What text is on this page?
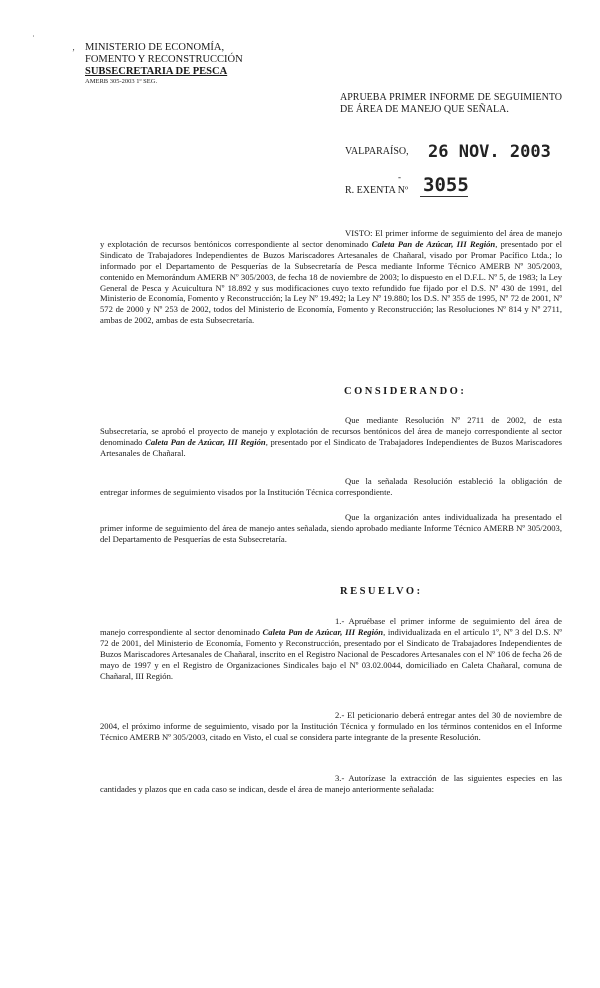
˙
‚ MINISTERIO DE ECONOMÍA,
FOMENTO Y RECONSTRUCCIÓN
SUBSECRETARIA DE PESCA
AMERB 305-2003 1º SEG.
APRUEBA PRIMER INFORME DE SEGUIMIENTO DE ÁREA DE MANEJO QUE SEÑALA.
VALPARAÍSO, 26 NOV. 2003
-
R. EXENTA Nº 3055
VISTO: El primer informe de seguimiento del área de manejo y explotación de recursos bentónicos correspondiente al sector denominado Caleta Pan de Azúcar, III Región, presentado por el Sindicato de Trabajadores Independientes de Buzos Mariscadores Artesanales de Chañaral, visado por Promar Pacífico Ltda.; lo informado por el Departamento de Pesquerías de la Subsecretaría de Pesca mediante Informe Técnico AMERB Nº 305/2003, contenido en Memorándum AMERB Nº 305/2003, de fecha 18 de noviembre de 2003; lo dispuesto en el D.F.L. Nº 5, de 1983; la Ley General de Pesca y Acuicultura Nº 18.892 y sus modificaciones cuyo texto refundido fue fijado por el D.S. Nº 430 de 1991, del Ministerio de Economía, Fomento y Reconstrucción; la Ley Nº 19.492; la Ley Nº 19.880; los D.S. Nº 355 de 1995, Nº 72 de 2001, Nº 572 de 2000 y Nº 253 de 2002, todos del Ministerio de Economía, Fomento y Reconstrucción; las Resoluciones Nº 814 y Nº 2711, ambas de 2002, ambas de esta Subsecretaría.
CONSIDERANDO:
Que mediante Resolución Nº 2711 de 2002, de esta Subsecretaría, se aprobó el proyecto de manejo y explotación de recursos bentónicos del área de manejo correspondiente al sector denominado Caleta Pan de Azúcar, III Región, presentado por el Sindicato de Trabajadores Independientes de Buzos Mariscadores Artesanales de Chañaral.
Que la señalada Resolución estableció la obligación de entregar informes de seguimiento visados por la Institución Técnica correspondiente.
Que la organización antes individualizada ha presentado el primer informe de seguimiento del área de manejo antes señalada, siendo aprobado mediante Informe Técnico AMERB Nº 305/2003, del Departamento de Pesquerías de esta Subsecretaría.
RESUELVO:
1.- Apruébase el primer informe de seguimiento del área de manejo correspondiente al sector denominado Caleta Pan de Azúcar, III Región, individualizada en el artículo 1º, Nº 3 del D.S. Nº 72 de 2001, del Ministerio de Economía, Fomento y Reconstrucción, presentado por el Sindicato de Trabajadores Independientes de Buzos Mariscadores Artesanales de Chañaral, inscrito en el Registro Nacional de Pescadores Artesanales con el Nº 106 de fecha 26 de mayo de 1997 y en el Registro de Organizaciones Sindicales bajo el Nº 03.02.0044, domiciliado en Caleta Chañaral, comuna de Chañaral, III Región.
2.- El peticionario deberá entregar antes del 30 de noviembre de 2004, el próximo informe de seguimiento, visado por la Institución Técnica y formulado en los términos contenidos en el Informe Técnico AMERB Nº 305/2003, citado en Visto, el cual se considera parte integrante de la presente Resolución.
3.- Autorízase la extracción de las siguientes especies en las cantidades y plazos que en cada caso se indican, desde el área de manejo anteriormente señalada:
